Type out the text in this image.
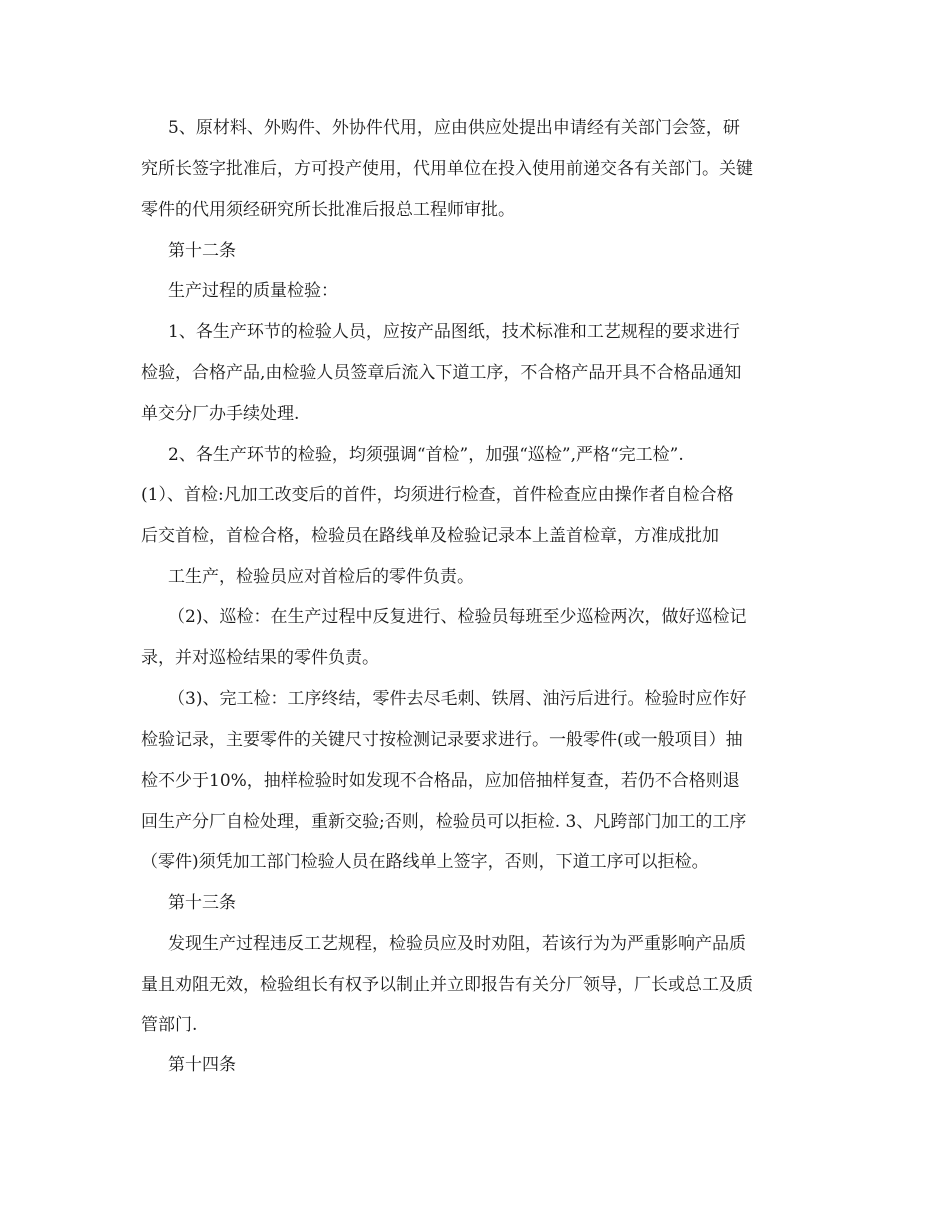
5、原材料、外购件、外协件代用，应由供应处提出申请经有关部门会签，研

究所长签字批准后，方可投产使用，代用单位在投入使用前递交各有关部门。关键

零件的代用须经研究所长批准后报总工程师审批。

第十二条

生产过程的质量检验：

1、各生产环节的检验人员，应按产品图纸，技术标准和工艺规程的要求进行

检验，合格产品,由检验人员签章后流入下道工序，不合格产品开具不合格品通知

单交分厂办手续处理.

2、各生产环节的检验，均须强调“首检”，加强“巡检”,严格“完工检”.

(1）、首检:凡加工改变后的首件，均须进行检查，首件检查应由操作者自检合格

后交首检，首检合格，检验员在路线单及检验记录本上盖首检章，方准成批加

工生产，检验员应对首检后的零件负责。

（2)、巡检：在生产过程中反复进行、检验员每班至少巡检两次，做好巡检记

录，并对巡检结果的零件负责。

（3)、完工检：工序终结，零件去尽毛刺、铁屑、油污后进行。检验时应作好

检验记录，主要零件的关键尺寸按检测记录要求进行。一般零件(或一般项目）抽

检不少于10%，抽样检验时如发现不合格品，应加倍抽样复查，若仍不合格则退

回生产分厂自检处理，重新交验;否则，检验员可以拒检. 3、凡跨部门加工的工序

（零件)须凭加工部门检验人员在路线单上签字，否则，下道工序可以拒检。

第十三条

发现生产过程违反工艺规程，检验员应及时劝阻，若该行为为严重影响产品质

量且劝阻无效，检验组长有权予以制止并立即报告有关分厂领导，厂长或总工及质

管部门.

第十四条
